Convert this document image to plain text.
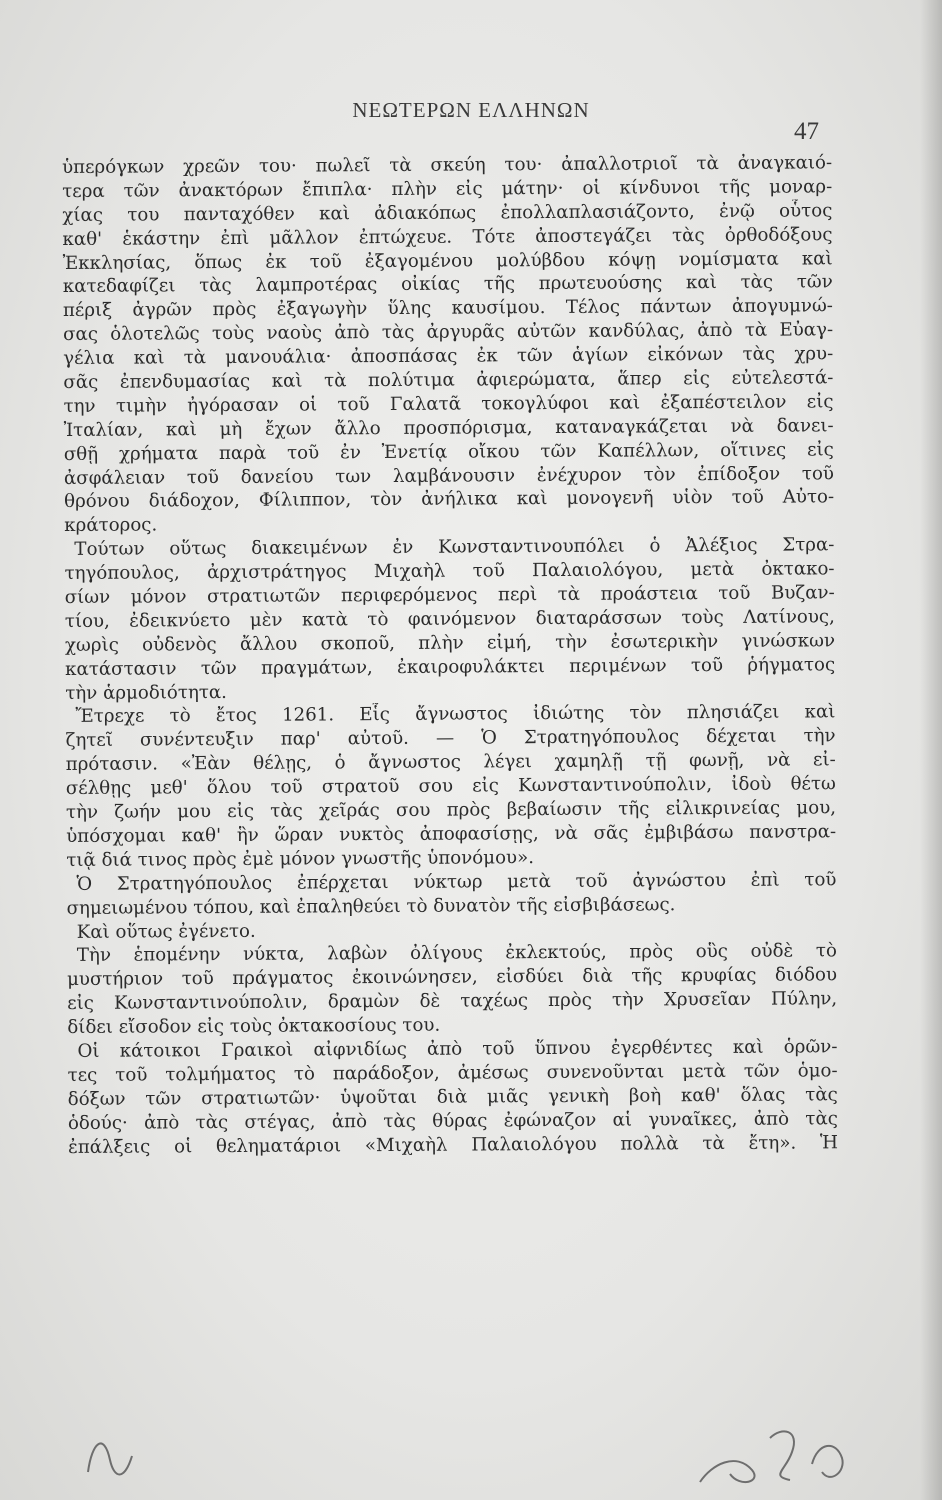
ΝΕΩΤΕΡΩΝ ΕΛΛΗΝΩΝ
47
ὑπερόγκων χρεῶν του· πωλεῖ τὰ σκεύη του· ἀπαλλοτριοῖ τὰ ἀναγκαιό-
τερα τῶν ἀνακτόρων ἔπιπλα· πλὴν εἰς μάτην· οἱ κίνδυνοι τῆς μοναρ-
χίας του πανταχόθεν καὶ ἀδιακόπως ἐπολλαπλασιάζοντο, ἐνῷ οὗτος
καθ' ἑκάστην ἐπὶ μᾶλλον ἐπτώχευε. Τότε ἀποστεγάζει τὰς ὀρθοδόξους
Ἐκκλησίας, ὅπως ἐκ τοῦ ἐξαγομένου μολύβδου κόψῃ νομίσματα καὶ
κατεδαφίζει τὰς λαμπροτέρας οἰκίας τῆς πρωτευούσης καὶ τὰς τῶν
πέριξ ἀγρῶν πρὸς ἐξαγωγὴν ὕλης καυσίμου. Τέλος πάντων ἀπογυμνώ-
σας ὁλοτελῶς τοὺς ναοὺς ἀπὸ τὰς ἀργυρᾶς αὐτῶν κανδύλας, ἀπὸ τὰ Εὐαγ-
γέλια καὶ τὰ μανουάλια· ἀποσπάσας ἐκ τῶν ἁγίων εἰκόνων τὰς χρυ-
σᾶς ἐπενδυμασίας καὶ τὰ πολύτιμα ἀφιερώματα, ἅπερ εἰς εὐτελεστά-
την τιμὴν ἠγόρασαν οἱ τοῦ Γαλατᾶ τοκογλύφοι καὶ ἐξαπέστειλον εἰς
Ἰταλίαν, καὶ μὴ ἔχων ἄλλο προσπόρισμα, καταναγκάζεται νὰ δανει-
σθῇ χρήματα παρὰ τοῦ ἐν Ἐνετίᾳ οἴκου τῶν Καπέλλων, οἵτινες εἰς
ἀσφάλειαν τοῦ δανείου των λαμβάνουσιν ἐνέχυρον τὸν ἐπίδοξον τοῦ
θρόνου διάδοχον, Φίλιππον, τὸν ἀνήλικα καὶ μονογενῆ υἱὸν τοῦ Αὐτο-
κράτορος.
Τούτων οὕτως διακειμένων ἐν Κωνσταντινουπόλει ὁ Ἀλέξιος Στρα-
τηγόπουλος, ἀρχιστράτηγος Μιχαὴλ τοῦ Παλαιολόγου, μετὰ ὀκτακο-
σίων μόνον στρατιωτῶν περιφερόμενος περὶ τὰ προάστεια τοῦ Βυζαν-
τίου, ἐδεικνύετο μὲν κατὰ τὸ φαινόμενον διαταράσσων τοὺς Λατίνους,
χωρὶς οὐδενὸς ἄλλου σκοποῦ, πλὴν εἰμή, τὴν ἐσωτερικὴν γινώσκων
κατάστασιν τῶν πραγμάτων, ἐκαιροφυλάκτει περιμένων τοῦ ῥήγματος
τὴν ἁρμοδιότητα.
Ἔτρεχε τὸ ἔτος 1261. Εἷς ἄγνωστος ἰδιώτης τὸν πλησιάζει καὶ
ζητεῖ συνέντευξιν παρ' αὐτοῦ. — Ὁ Στρατηγόπουλος δέχεται τὴν
πρότασιν. «Ἐὰν θέλῃς, ὁ ἄγνωστος λέγει χαμηλῇ τῇ φωνῇ, νὰ εἰ-
σέλθῃς μεθ' ὅλου τοῦ στρατοῦ σου εἰς Κωνσταντινούπολιν, ἰδοὺ θέτω
τὴν ζωήν μου εἰς τὰς χεῖράς σου πρὸς βεβαίωσιν τῆς εἰλικρινείας μου,
ὑπόσχομαι καθ' ἣν ὥραν νυκτὸς ἀποφασίσῃς, νὰ σᾶς ἐμβιβάσω πανστρα-
τιᾷ διά τινος πρὸς ἐμὲ μόνον γνωστῆς ὑπονόμου».
Ὁ Στρατηγόπουλος ἐπέρχεται νύκτωρ μετὰ τοῦ ἀγνώστου ἐπὶ τοῦ
σημειωμένου τόπου, καὶ ἐπαληθεύει τὸ δυνατὸν τῆς εἰσβιβάσεως.
Καὶ οὕτως ἐγένετο.
Τὴν ἑπομένην νύκτα, λαβὼν ὀλίγους ἐκλεκτούς, πρὸς οὓς οὐδὲ τὸ
μυστήριον τοῦ πράγματος ἐκοινώνησεν, εἰσδύει διὰ τῆς κρυφίας διόδου
εἰς Κωνσταντινούπολιν, δραμὼν δὲ ταχέως πρὸς τὴν Χρυσεῖαν Πύλην,
δίδει εἴσοδον εἰς τοὺς ὀκτακοσίους του.
Οἱ κάτοικοι Γραικοὶ αἰφνιδίως ἀπὸ τοῦ ὕπνου ἐγερθέντες καὶ ὁρῶν-
τες τοῦ τολμήματος τὸ παράδοξον, ἀμέσως συνενοῦνται μετὰ τῶν ὁμο-
δόξων τῶν στρατιωτῶν· ὑψοῦται διὰ μιᾶς γενικὴ βοὴ καθ' ὅλας τὰς
ὁδούς· ἀπὸ τὰς στέγας, ἀπὸ τὰς θύρας ἐφώναζον αἱ γυναῖκες, ἀπὸ τὰς
ἐπάλξεις οἱ θεληματάριοι «Μιχαὴλ Παλαιολόγου πολλὰ τὰ ἔτη». Ἡ
